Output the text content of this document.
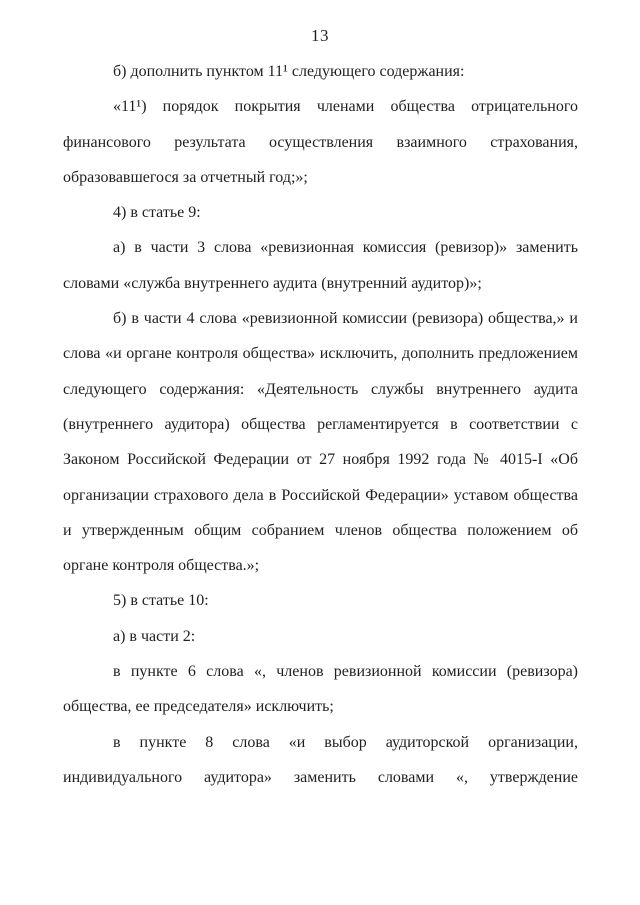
13
б) дополнить пунктом 11¹ следующего содержания:
«11¹) порядок покрытия членами общества отрицательного
финансового результата осуществления взаимного страхования,
образовавшегося за отчетный год;»;
4) в статье 9:
а) в части 3 слова «ревизионная комиссия (ревизор)» заменить
словами «служба внутреннего аудита (внутренний аудитор)»;
б) в части 4 слова «ревизионной комиссии (ревизора) общества,» и
слова «и органе контроля общества» исключить, дополнить предложением
следующего содержания: «Деятельность службы внутреннего аудита
(внутреннего аудитора) общества регламентируется в соответствии с
Законом Российской Федерации от 27 ноября 1992 года № 4015-I «Об
организации страхового дела в Российской Федерации» уставом общества
и утвержденным общим собранием членов общества положением об
органе контроля общества.»;
5) в статье 10:
а) в части 2:
в пункте 6 слова «, членов ревизионной комиссии (ревизора)
общества, ее председателя» исключить;
в пункте 8 слова «и выбор аудиторской организации,
индивидуального аудитора» заменить словами «, утверждение
